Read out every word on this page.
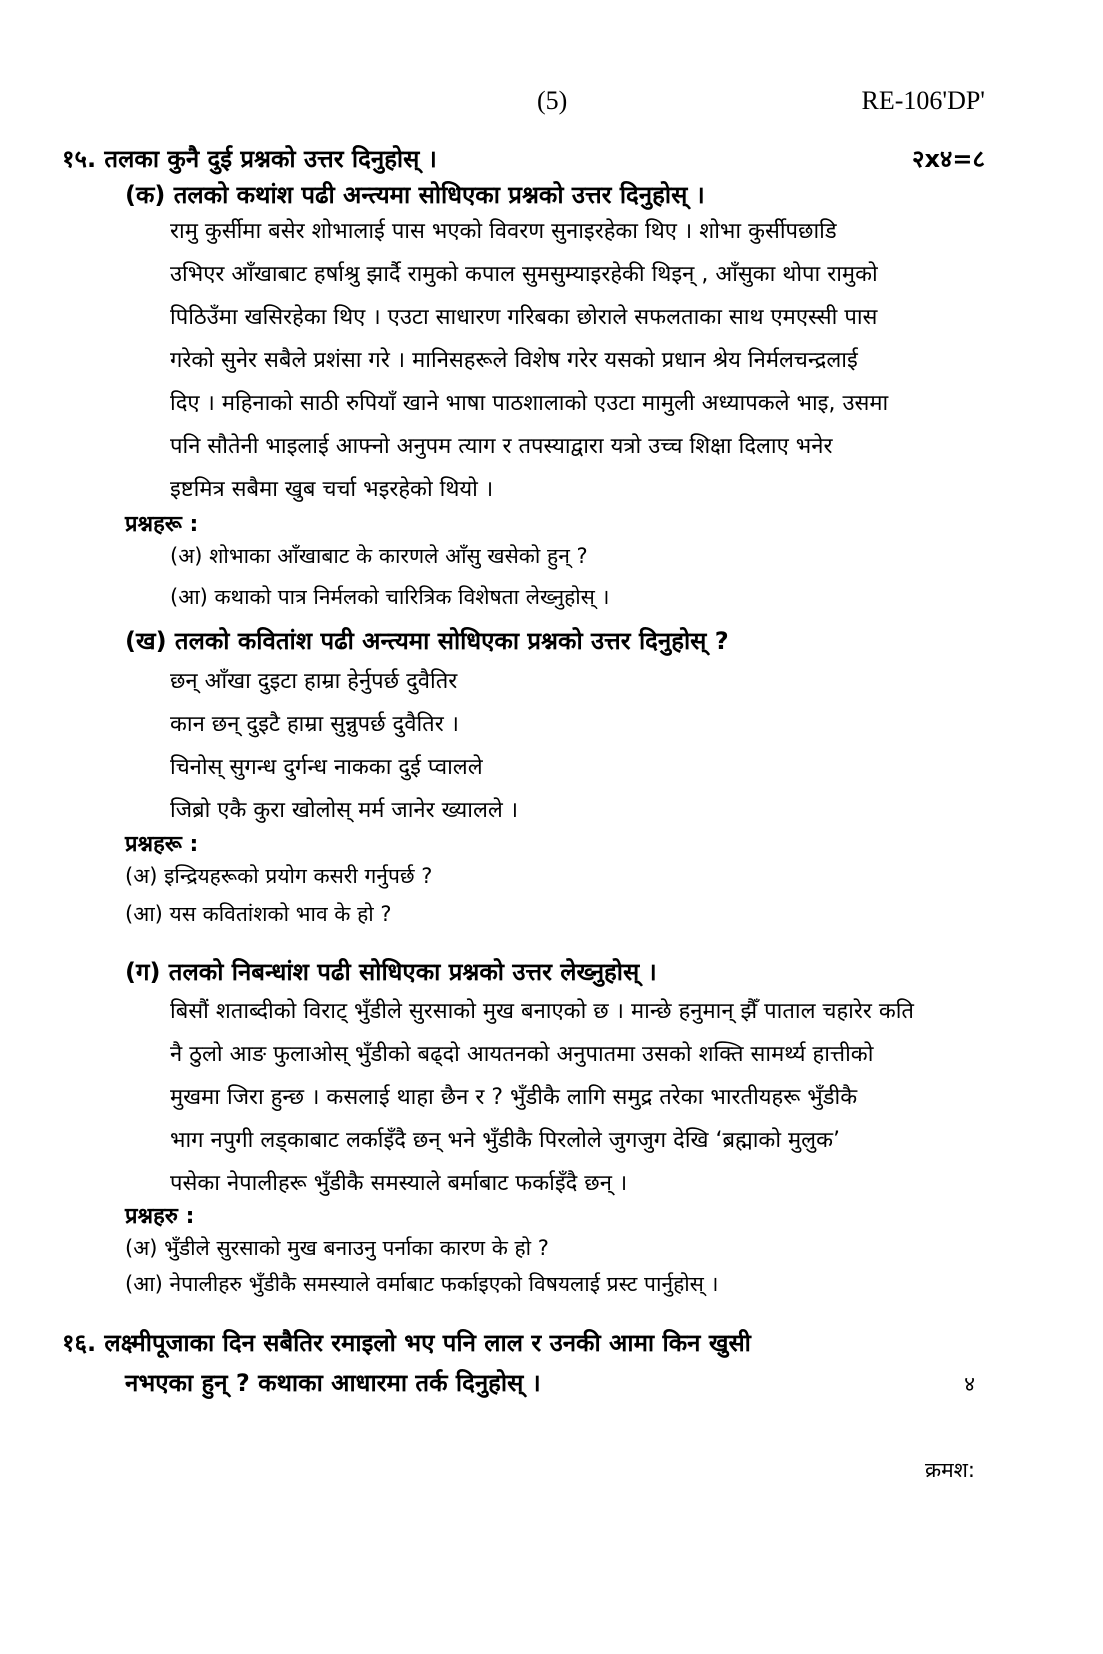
(5)	RE-106'DP'
१५. तलका कुनै दुई प्रश्नको उत्तर दिनुहोस् ।	२x४=८
(क) तलको कथांश पढी अन्त्यमा सोधिएका प्रश्नको उत्तर दिनुहोस् ।
रामु कुर्सीमा बसेर शोभालाई पास भएको विवरण सुनाइरहेका थिए । शोभा कुर्सीपछाडि
उभिएर आँखाबाट हर्षाश्रु झार्दै रामुको कपाल सुमसुम्याइरहेकी थिइन् , आँसुका थोपा रामुको
पिठिउँमा खसिरहेका थिए । एउटा साधारण गरिबका छोराले सफलताका साथ एमएस्सी पास
गरेको सुनेर सबैले प्रशंसा गरे । मानिसहरूले विशेष गरेर यसको प्रधान श्रेय निर्मलचन्द्रलाई
दिए । महिनाको साठी रुपियाँ खाने भाषा पाठशालाको एउटा मामुली अध्यापकले भाइ, उसमा
पनि सौतेनी भाइलाई आफ्नो अनुपम त्याग र तपस्याद्वारा यत्रो उच्च शिक्षा दिलाए भनेर
इष्टमित्र सबैमा खुब चर्चा भइरहेको थियो ।
प्रश्नहरू :
(अ) शोभाका आँखाबाट के कारणले आँसु खसेको हुन् ?
(आ) कथाको पात्र निर्मलको चारित्रिक विशेषता लेख्नुहोस् ।
(ख) तलको कवितांश पढी अन्त्यमा सोधिएका प्रश्नको उत्तर दिनुहोस् ?
छन् आँखा दुइटा हाम्रा हेर्नुपर्छ दुवैतिर
कान छन् दुइटै हाम्रा सुन्नुपर्छ दुवैतिर ।
चिनोस् सुगन्ध दुर्गन्ध नाकका दुई प्वालले
जिब्रो एकै कुरा खोलोस् मर्म जानेर ख्यालले ।
प्रश्नहरू :
(अ) इन्द्रियहरूको प्रयोग कसरी गर्नुपर्छ ?
(आ) यस कवितांशको भाव के हो ?
(ग) तलको निबन्धांश पढी सोधिएका प्रश्नको उत्तर लेख्नुहोस् ।
बिसौं शताब्दीको विराट् भुँडीले सुरसाको मुख बनाएको छ । मान्छे हनुमान् झैँ पाताल चहारेर कति
नै ठुलो आङ फुलाओस् भुँडीको बढ्दो आयतनको अनुपातमा उसको शक्ति सामर्थ्य हात्तीको
मुखमा जिरा हुन्छ । कसलाई थाहा छैन र ? भुँडीकै लागि समुद्र तरेका भारतीयहरू भुँडीकै
भाग नपुगी लड्काबाट लर्काइँदै छन् भने भुँडीकै पिरलोले जुगजुग देखि ‘ब्रह्माको मुलुक’
पसेका नेपालीहरू भुँडीकै समस्याले बर्माबाट फर्काइँदै छन् ।
प्रश्नहरु :
(अ) भुँडीले सुरसाको मुख बनाउनु पर्नाका कारण के हो ?
(आ) नेपालीहरु भुँडीकै समस्याले वर्माबाट फर्काइएको विषयलाई प्रस्ट पार्नुहोस् ।
१६. लक्ष्मीपूजाका दिन सबैतिर रमाइलो भए पनि लाल र उनकी आमा किन खुसी
नभएका हुन् ? कथाका आधारमा तर्क दिनुहोस् ।	४
क्रमश:
